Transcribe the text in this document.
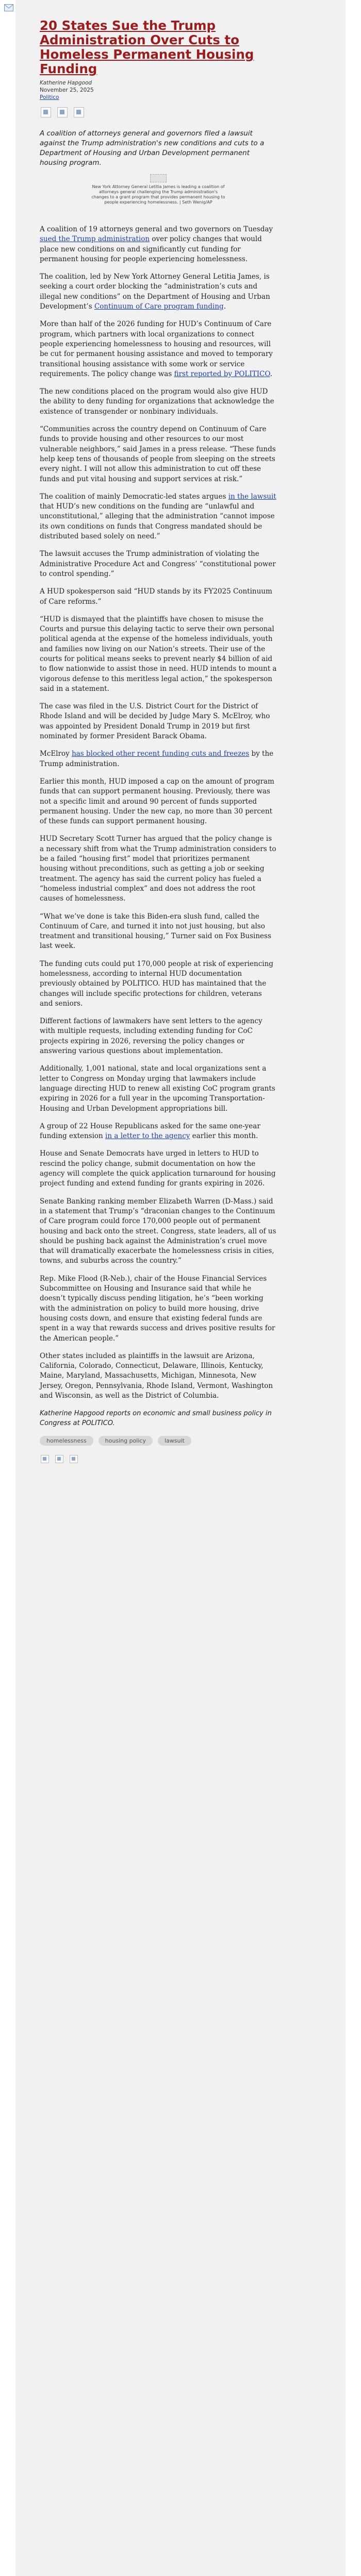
20 States Sue the Trump Administration Over Cuts to Homeless Permanent Housing Funding
Katherine Hapgood
November 25, 2025
Politico
A coalition of attorneys general and governors filed a lawsuit against the Trump administration's new conditions and cuts to a Department of Housing and Urban Development permanent housing program.
New York Attorney General Letitia James is leading a coalition of attorneys general challenging the Trump administration's changes to a grant program that provides permanent housing to people experiencing homelessness. | Seth Wenig/AP

A coalition of 19 attorneys general and two governors on Tuesday sued the Trump administration over policy changes that would place new conditions on and significantly cut funding for permanent housing for people experiencing homelessness.

The coalition, led by New York Attorney General Letitia James, is seeking a court order blocking the “administration’s cuts and illegal new conditions” on the Department of Housing and Urban Development’s Continuum of Care program funding.

More than half of the 2026 funding for HUD’s Continuum of Care program, which partners with local organizations to connect people experiencing homelessness to housing and resources, will be cut for permanent housing assistance and moved to temporary transitional housing assistance with some work or service requirements. The policy change was first reported by POLITICO.

The new conditions placed on the program would also give HUD the ability to deny funding for organizations that acknowledge the existence of transgender or nonbinary individuals.

“Communities across the country depend on Continuum of Care funds to provide housing and other resources to our most vulnerable neighbors,” said James in a press release. “These funds help keep tens of thousands of people from sleeping on the streets every night. I will not allow this administration to cut off these funds and put vital housing and support services at risk.”

The coalition of mainly Democratic-led states argues in the lawsuit that HUD’s new conditions on the funding are “unlawful and unconstitutional,” alleging that the administration “cannot impose its own conditions on funds that Congress mandated should be distributed based solely on need.”

The lawsuit accuses the Trump administration of violating the Administrative Procedure Act and Congress’ “constitutional power to control spending.”

A HUD spokesperson said “HUD stands by its FY2025 Continuum of Care reforms.”

“HUD is dismayed that the plaintiffs have chosen to misuse the Courts and pursue this delaying tactic to serve their own personal political agenda at the expense of the homeless individuals, youth and families now living on our Nation’s streets. Their use of the courts for political means seeks to prevent nearly $4 billion of aid to flow nationwide to assist those in need. HUD intends to mount a vigorous defense to this meritless legal action,” the spokesperson said in a statement.

The case was filed in the U.S. District Court for the District of Rhode Island and will be decided by Judge Mary S. McElroy, who was appointed by President Donald Trump in 2019 but first nominated by former President Barack Obama.

McElroy has blocked other recent funding cuts and freezes by the Trump administration.

Earlier this month, HUD imposed a cap on the amount of program funds that can support permanent housing. Previously, there was not a specific limit and around 90 percent of funds supported permanent housing. Under the new cap, no more than 30 percent of these funds can support permanent housing.

HUD Secretary Scott Turner has argued that the policy change is a necessary shift from what the Trump administration considers to be a failed “housing first” model that prioritizes permanent housing without preconditions, such as getting a job or seeking treatment. The agency has said the current policy has fueled a “homeless industrial complex” and does not address the root causes of homelessness.

“What we’ve done is take this Biden-era slush fund, called the Continuum of Care, and turned it into not just housing, but also treatment and transitional housing,” Turner said on Fox Business last week.

The funding cuts could put 170,000 people at risk of experiencing homelessness, according to internal HUD documentation previously obtained by POLITICO. HUD has maintained that the changes will include specific protections for children, veterans and seniors.

Different factions of lawmakers have sent letters to the agency with multiple requests, including extending funding for CoC projects expiring in 2026, reversing the policy changes or answering various questions about implementation.

Additionally, 1,001 national, state and local organizations sent a letter to Congress on Monday urging that lawmakers include language directing HUD to renew all existing CoC program grants expiring in 2026 for a full year in the upcoming Transportation-Housing and Urban Development appropriations bill.

A group of 22 House Republicans asked for the same one-year funding extension in a letter to the agency earlier this month.

House and Senate Democrats have urged in letters to HUD to rescind the policy change, submit documentation on how the agency will complete the quick application turnaround for housing project funding and extend funding for grants expiring in 2026.

Senate Banking ranking member Elizabeth Warren (D-Mass.) said in a statement that Trump’s “draconian changes to the Continuum of Care program could force 170,000 people out of permanent housing and back onto the street. Congress, state leaders, all of us should be pushing back against the Administration’s cruel move that will dramatically exacerbate the homelessness crisis in cities, towns, and suburbs across the country.”

Rep. Mike Flood (R-Neb.), chair of the House Financial Services Subcommittee on Housing and Insurance said that while he doesn’t typically discuss pending litigation, he’s “been working with the administration on policy to build more housing, drive housing costs down, and ensure that existing federal funds are spent in a way that rewards success and drives positive results for the American people.”

Other states included as plaintiffs in the lawsuit are Arizona, California, Colorado, Connecticut, Delaware, Illinois, Kentucky, Maine, Maryland, Massachusetts, Michigan, Minnesota, New Jersey, Oregon, Pennsylvania, Rhode Island, Vermont, Washington and Wisconsin, as well as the District of Columbia.

Katherine Hapgood reports on economic and small business policy in Congress at POLITICO.

homelessness	housing policy	lawsuit
